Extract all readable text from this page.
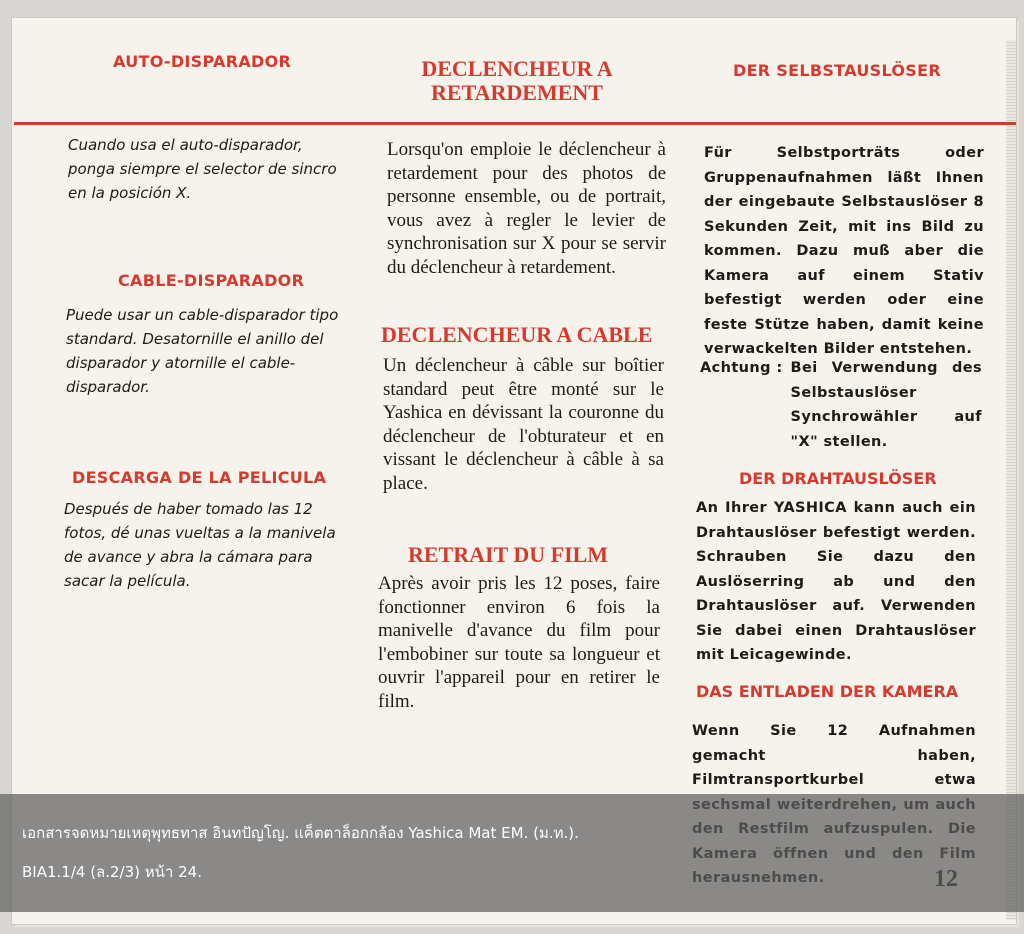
AUTO-DISPARADOR	DECLENCHEUR A RETARDEMENT
DER SELBSTAUSLÖSER

Cuando usa el auto-disparador, ponga siempre el selector de sincro en la posición X.

CABLE-DISPARADOR

Puede usar un cable-disparador tipo standard. Desatornille el anillo del disparador y atornille el cable-disparador.

DESCARGA DE LA PELICULA

Después de haber tomado las 12 fotos, dé unas vueltas a la manivela de avance y abra la cámara para sacar la película.

Lorsqu'on emploie le déclencheur à retardement pour des photos de personne ensemble, ou de portrait, vous avez à regler le levier de synchronisation sur X pour se servir du déclencheur à retardement.

DECLENCHEUR A CABLE

Un déclencheur à câble sur boîtier standard peut être monté sur le Yashica en dévissant la couronne du déclencheur de l'obturateur et en vissant le déclencheur à câble à sa place.

RETRAIT DU FILM

Après avoir pris les 12 poses, faire fonctionner environ 6 fois la manivelle d'avance du film pour l'embobiner sur toute sa longueur et ouvrir l'appareil pour en retirer le film.

Für Selbstporträts oder Gruppenaufnahmen läßt Ihnen der eingebaute Selbstauslöser 8 Sekunden Zeit, mit ins Bild zu kommen. Dazu muß aber die Kamera auf einem Stativ befestigt werden oder eine feste Stütze haben, damit keine verwackelten Bilder entstehen.

Achtung : Bei Verwendung des Selbstauslöser Synchrowähler auf "X" stellen.
DER DRAHTAUSLÖSER

An Ihrer YASHICA kann auch ein Drahtauslöser befestigt werden. Schrauben Sie dazu den Auslöserring ab und den Drahtauslöser auf. Verwenden Sie dabei einen Drahtauslöser mit Leicagewinde.

DAS ENTLADEN DER KAMERA

Wenn Sie 12 Aufnahmen gemacht haben, Filmtransportkurbel etwa

เอกสารจดหมายเหตุพุทธทาส อินทปัญโญ. แค็ตตาล็อกกล้อง Yashica Mat EM. (ม.ท.).
BIA1.1/4 (ล.2/3) หน้า 24.
